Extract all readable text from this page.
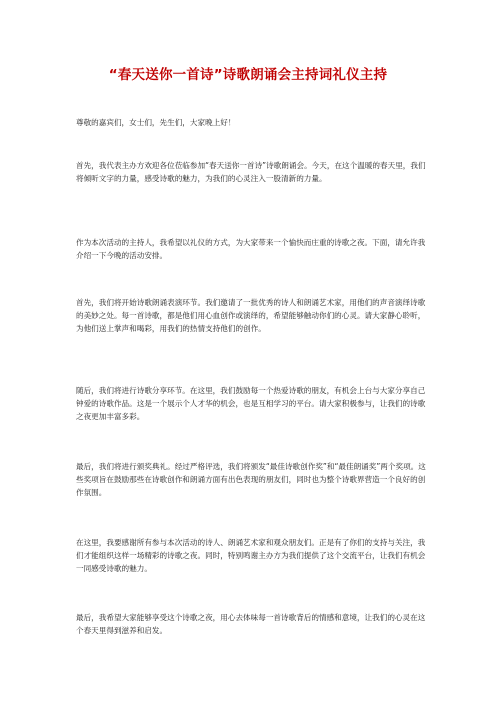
“春天送你一首诗”诗歌朗诵会主持词礼仪主持

尊敬的嘉宾们，女士们，先生们，大家晚上好！

首先，我代表主办方欢迎各位莅临参加“春天送你一首诗”诗歌朗诵会。今天，在这个温暖的春天里，我们将倾听文字的力量，感受诗歌的魅力，为我们的心灵注入一股清新的力量。

作为本次活动的主持人，我希望以礼仪的方式，为大家带来一个愉快而庄重的诗歌之夜。下面，请允许我介绍一下今晚的活动安排。

首先，我们将开始诗歌朗诵表演环节。我们邀请了一批优秀的诗人和朗诵艺术家，用他们的声音演绎诗歌的美妙之处。每一首诗歌，都是他们用心血创作或演绎的，希望能够触动你们的心灵。请大家静心聆听，为他们送上掌声和喝彩，用我们的热情支持他们的创作。

随后，我们将进行诗歌分享环节。在这里，我们鼓励每一个热爱诗歌的朋友，有机会上台与大家分享自己钟爱的诗歌作品。这是一个展示个人才华的机会，也是互相学习的平台。请大家积极参与，让我们的诗歌之夜更加丰富多彩。

最后，我们将进行颁奖典礼。经过严格评选，我们将颁发“最佳诗歌创作奖”和“最佳朗诵奖”两个奖项。这些奖项旨在鼓励那些在诗歌创作和朗诵方面有出色表现的朋友们，同时也为整个诗歌界营造一个良好的创作氛围。

在这里，我要感谢所有参与本次活动的诗人、朗诵艺术家和观众朋友们。正是有了你们的支持与关注，我们才能组织这样一场精彩的诗歌之夜。同时，特别鸣谢主办方为我们提供了这个交流平台，让我们有机会一同感受诗歌的魅力。

最后，我希望大家能够享受这个诗歌之夜，用心去体味每一首诗歌背后的情感和意境，让我们的心灵在这个春天里得到滋养和启发。
